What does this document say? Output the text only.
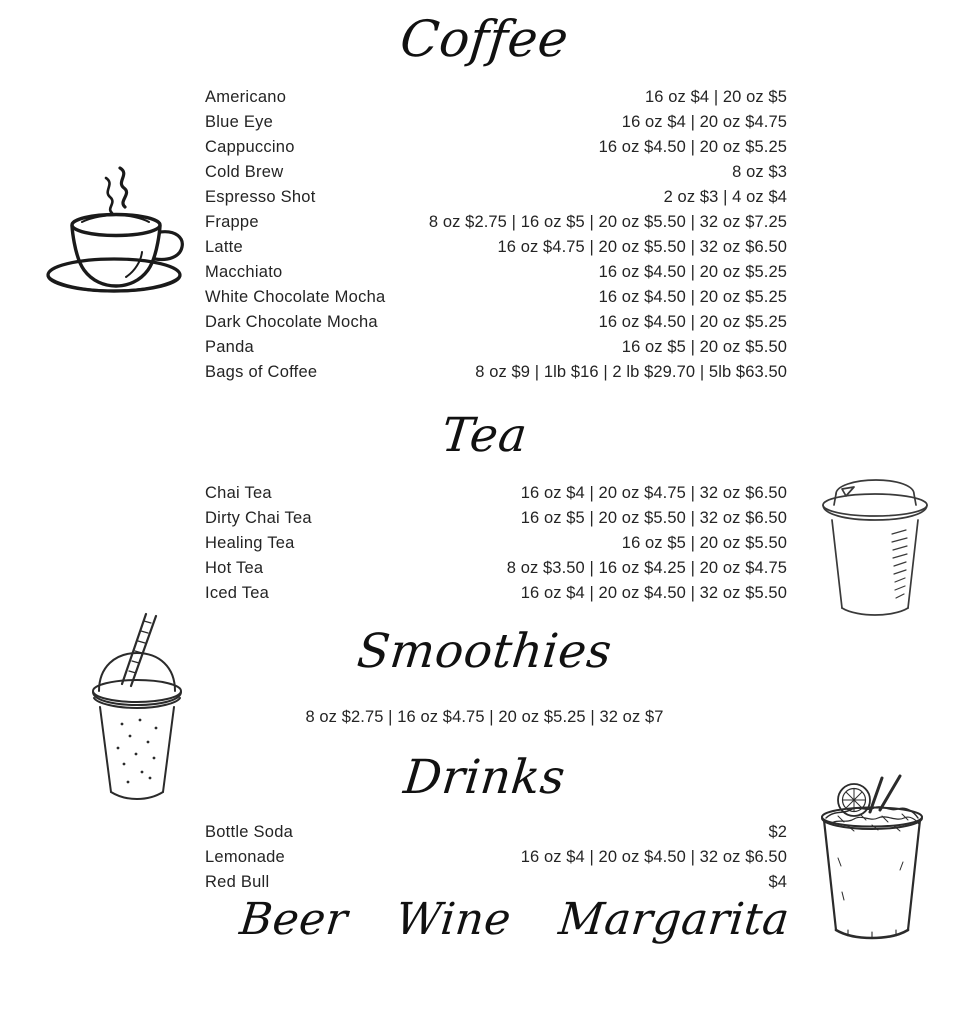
Coffee
Americano	16 oz $4 | 20 oz $5
Blue Eye	16 oz $4 | 20 oz $4.75
Cappuccino	16 oz $4.50 | 20 oz $5.25
Cold Brew	8 oz $3
Espresso Shot	2 oz $3 | 4 oz $4
Frappe	8 oz $2.75 | 16 oz $5 | 20 oz $5.50 | 32 oz $7.25
Latte	16 oz $4.75 | 20 oz $5.50 | 32 oz $6.50
Macchiato	16 oz $4.50 | 20 oz $5.25
White Chocolate Mocha	16 oz $4.50 | 20 oz $5.25
Dark Chocolate Mocha	16 oz $4.50 | 20 oz $5.25
Panda	16 oz $5 | 20 oz $5.50
Bags of Coffee	8 oz $9 | 1lb $16 | 2 lb $29.70 | 5lb $63.50
Tea
Chai Tea	16 oz $4 | 20 oz $4.75 | 32 oz $6.50
Dirty Chai Tea	16 oz $5 | 20 oz $5.50 | 32 oz $6.50
Healing Tea	16 oz $5 | 20 oz $5.50
Hot Tea	8 oz $3.50 | 16 oz $4.25 | 20 oz $4.75
Iced Tea	16 oz $4 | 20 oz $4.50 | 32 oz $5.50
Smoothies
8 oz $2.75 | 16 oz $4.75 | 20 oz $5.25 | 32 oz $7
Drinks
Bottle Soda	$2
Lemonade	16 oz $4 | 20 oz $4.50 | 32 oz $6.50
Red Bull	$4
Beer Wine Margarita
